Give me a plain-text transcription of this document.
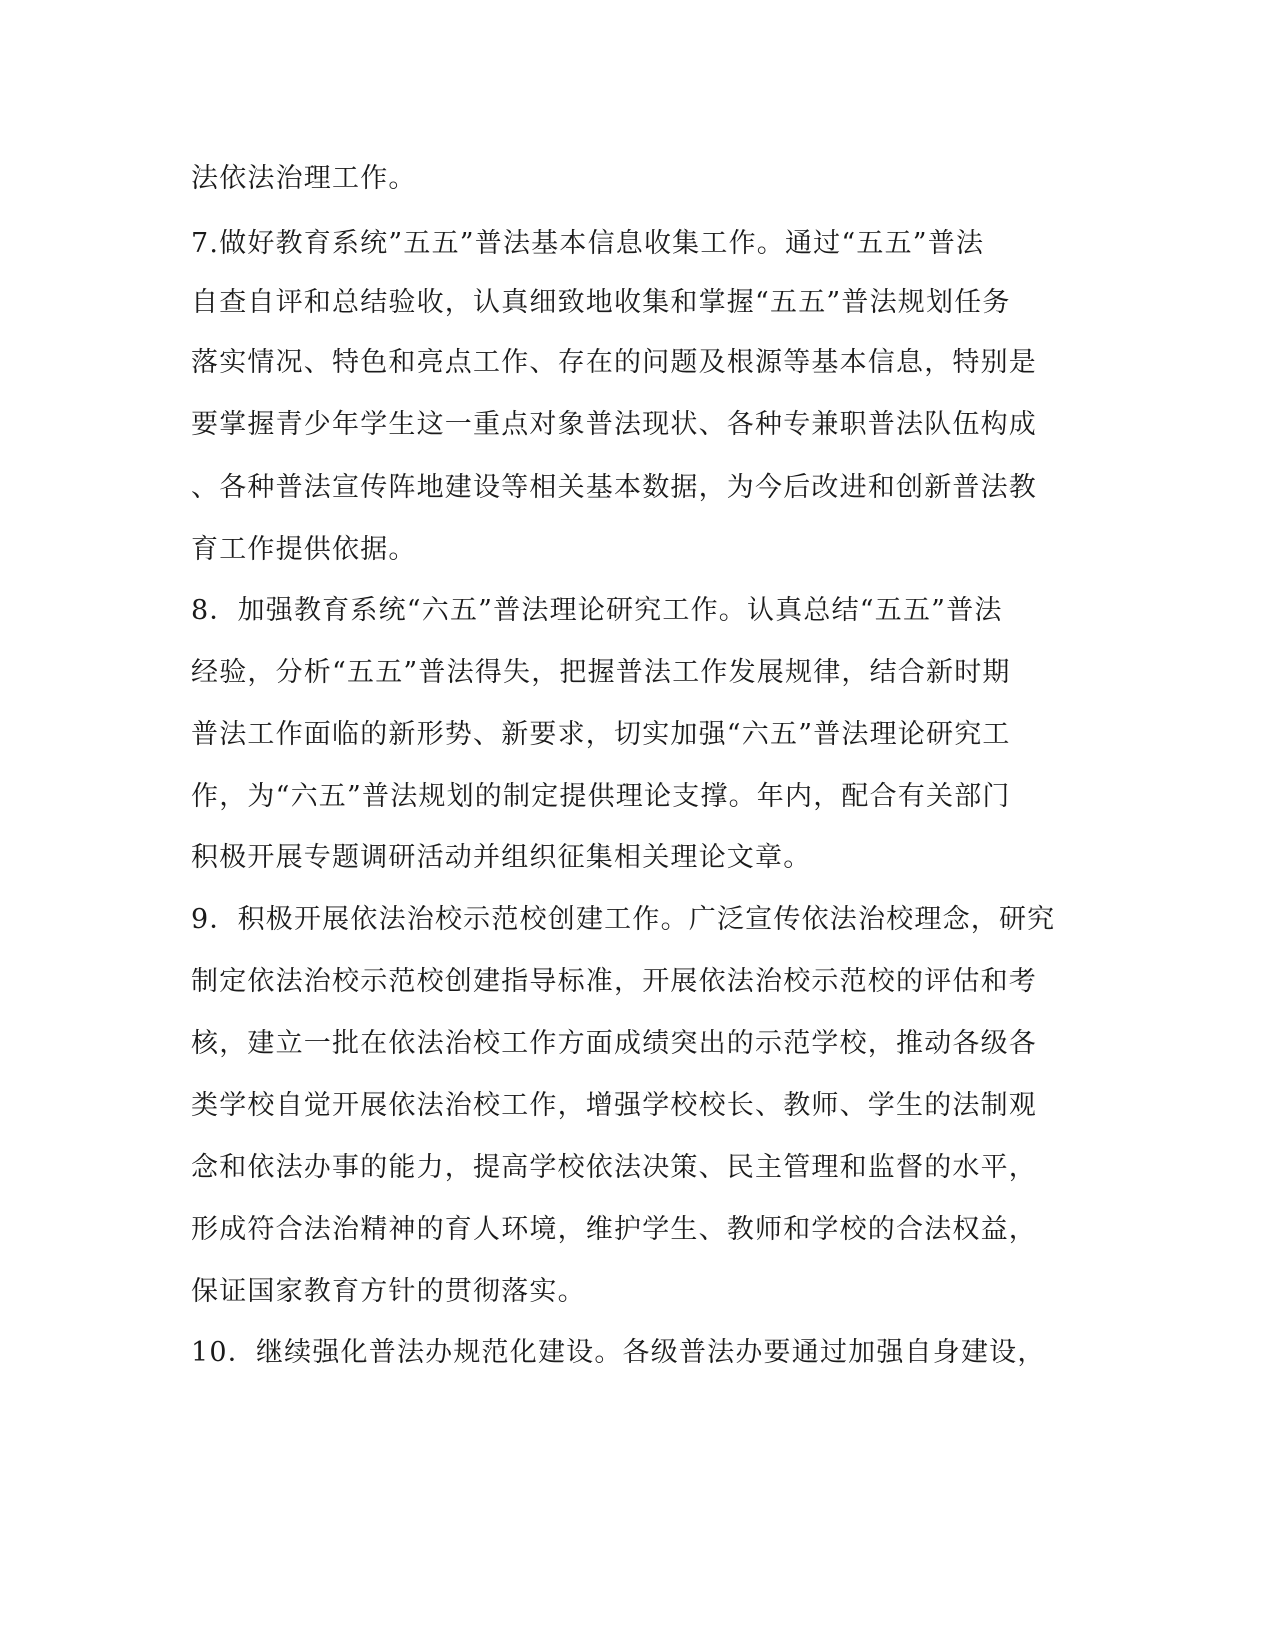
法依法治理工作。
7.做好教育系统”五五”普法基本信息收集工作。通过“五五”普法
自查自评和总结验收，认真细致地收集和掌握“五五”普法规划任务
落实情况、特色和亮点工作、存在的问题及根源等基本信息，特别是
要掌握青少年学生这一重点对象普法现状、各种专兼职普法队伍构成
、各种普法宣传阵地建设等相关基本数据，为今后改进和创新普法教
育工作提供依据。
8．加强教育系统“六五”普法理论研究工作。认真总结“五五”普法
经验，分析“五五”普法得失，把握普法工作发展规律，结合新时期
普法工作面临的新形势、新要求，切实加强“六五”普法理论研究工
作，为“六五”普法规划的制定提供理论支撑。年内，配合有关部门
积极开展专题调研活动并组织征集相关理论文章。
9．积极开展依法治校示范校创建工作。广泛宣传依法治校理念，研究
制定依法治校示范校创建指导标准，开展依法治校示范校的评估和考
核，建立一批在依法治校工作方面成绩突出的示范学校，推动各级各
类学校自觉开展依法治校工作，增强学校校长、教师、学生的法制观
念和依法办事的能力，提高学校依法决策、民主管理和监督的水平，
形成符合法治精神的育人环境，维护学生、教师和学校的合法权益，
保证国家教育方针的贯彻落实。
10．继续强化普法办规范化建设。各级普法办要通过加强自身建设，
